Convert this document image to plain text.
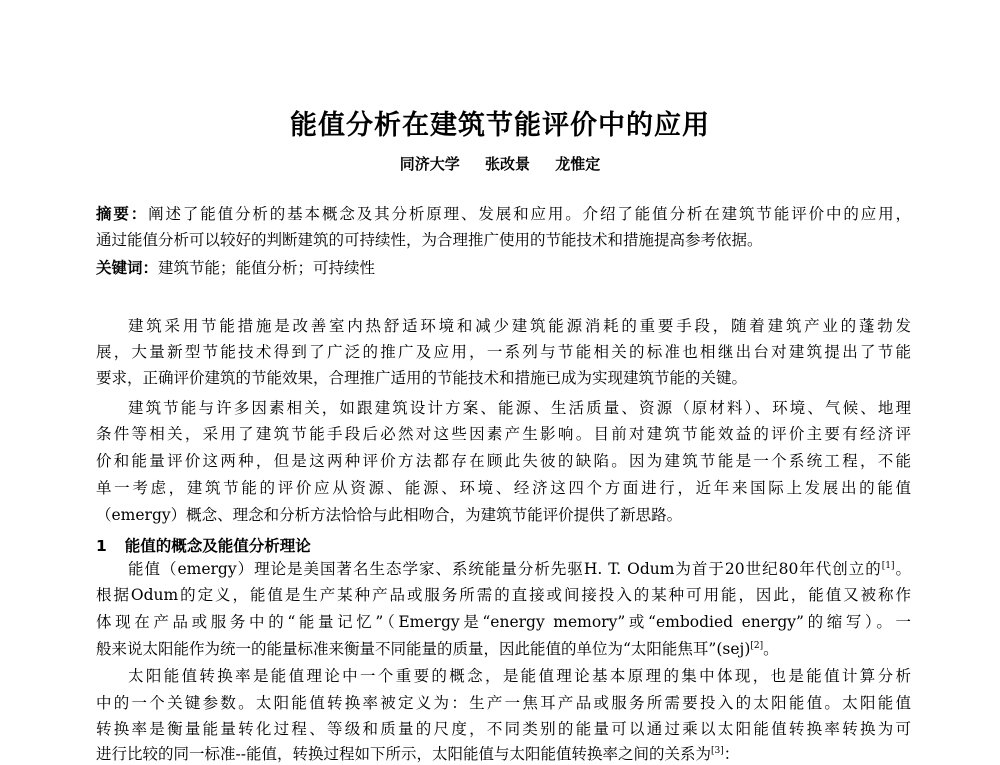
能值分析在建筑节能评价中的应用
同济大学 张改景 龙惟定
摘要：阐述了能值分析的基本概念及其分析原理、发展和应用。介绍了能值分析在建筑节能评价中的应用，
通过能值分析可以较好的判断建筑的可持续性，为合理推广使用的节能技术和措施提高参考依据。
关键词：建筑节能；能值分析；可持续性
建筑采用节能措施是改善室内热舒适环境和减少建筑能源消耗的重要手段，随着建筑产业的蓬勃发
展，大量新型节能技术得到了广泛的推广及应用，一系列与节能相关的标准也相继出台对建筑提出了节能
要求，正确评价建筑的节能效果，合理推广适用的节能技术和措施已成为实现建筑节能的关键。
建筑节能与许多因素相关，如跟建筑设计方案、能源、生活质量、资源（原材料）、环境、气候、地理
条件等相关，采用了建筑节能手段后必然对这些因素产生影响。目前对建筑节能效益的评价主要有经济评
价和能量评价这两种，但是这两种评价方法都存在顾此失彼的缺陷。因为建筑节能是一个系统工程，不能
单一考虑，建筑节能的评价应从资源、能源、环境、经济这四个方面进行，近年来国际上发展出的能值
（emergy）概念、理念和分析方法恰恰与此相吻合，为建筑节能评价提供了新思路。
1 能值的概念及能值分析理论
能值（emergy）理论是美国著名生态学家、系统能量分析先驱H. T. Odum为首于20世纪80年代创立的[1]。
根据Odum的定义，能值是生产某种产品或服务所需的直接或间接投入的某种可用能，因此，能值又被称作
体现在产品或服务中的“能量记忆”（Emergy是“energy memory”或“embodied energy”的缩写）。一
般来说太阳能作为统一的能量标准来衡量不同能量的质量，因此能值的单位为“太阳能焦耳”(sej)[2]。
太阳能值转换率是能值理论中一个重要的概念，是能值理论基本原理的集中体现，也是能值计算分析
中的一个关键参数。太阳能值转换率被定义为：生产一焦耳产品或服务所需要投入的太阳能值。太阳能值
转换率是衡量能量转化过程、等级和质量的尺度，不同类别的能量可以通过乘以太阳能值转换率转换为可
进行比较的同一标准--能值，转换过程如下所示，太阳能值与太阳能值转换率之间的关系为[3]：
